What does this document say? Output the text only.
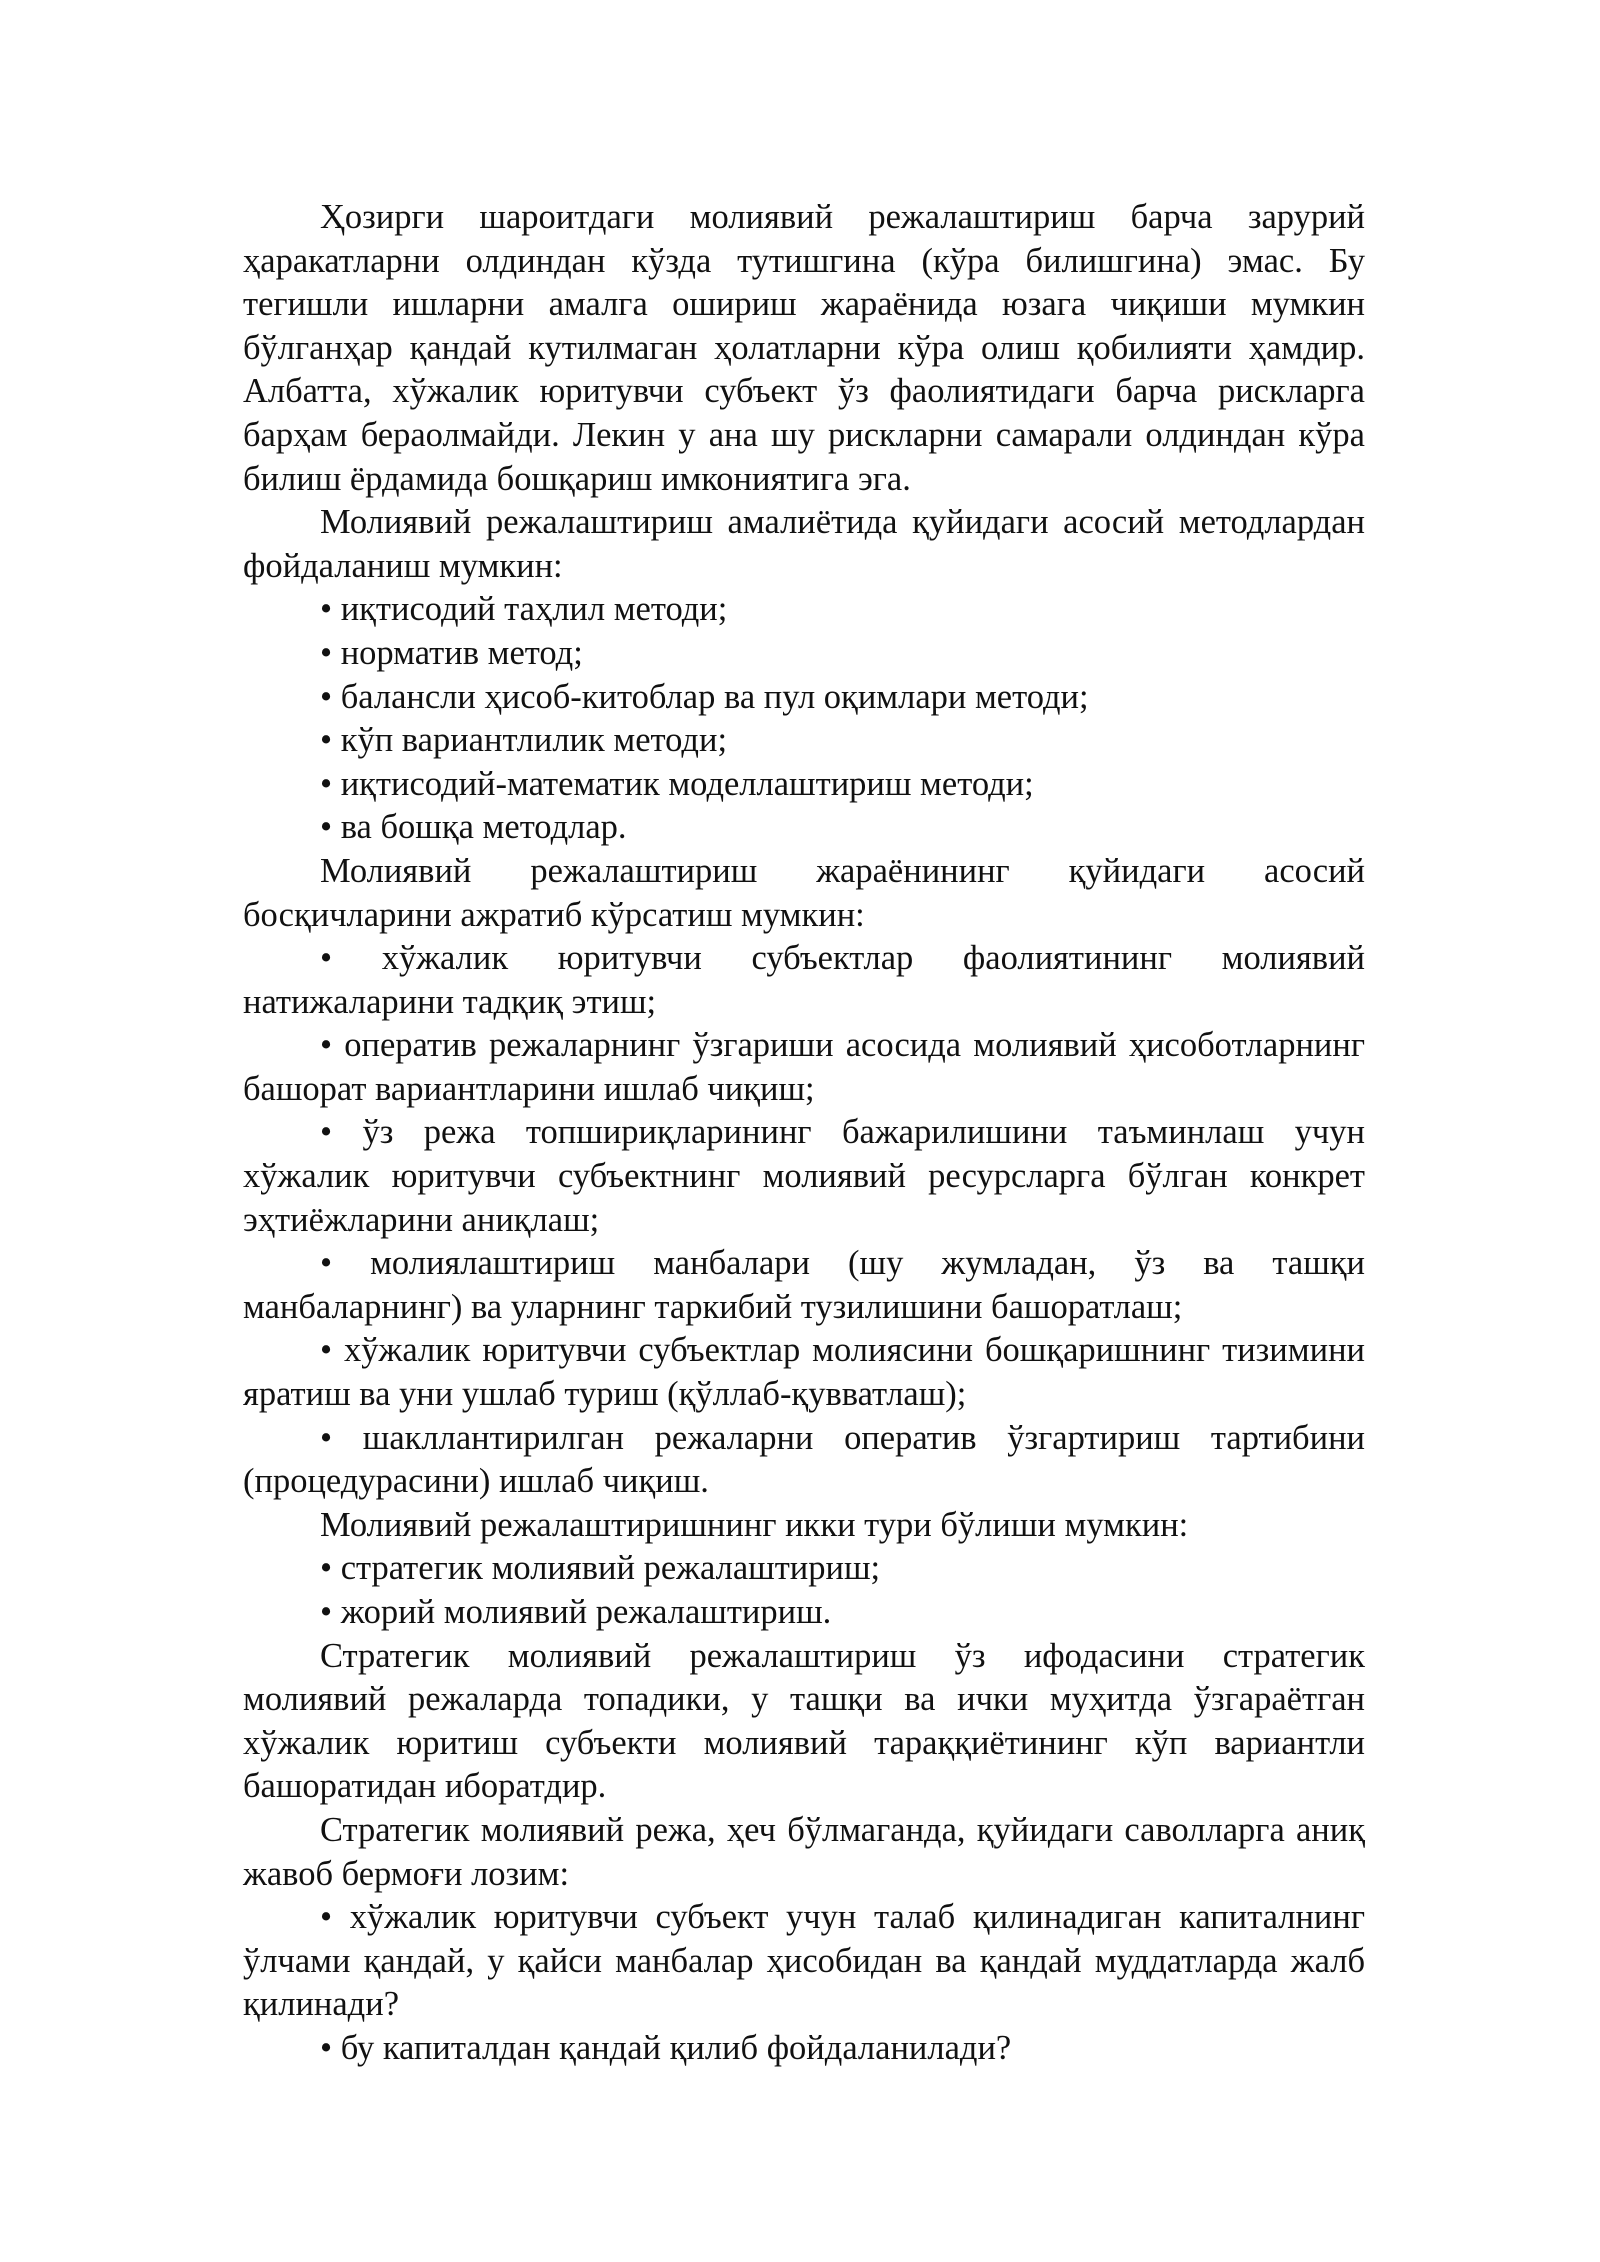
Ҳозирги шароитдаги молиявий режалаштириш барча зарурий ҳаракатларни олдиндан кўзда тутишгина (кўра билишгина) эмас. Бу тегишли ишларни амалга ошириш жараёнида юзага чиқиши мумкин бўлганҳар қандай кутилмаган ҳолатларни кўра олиш қобилияти ҳамдир. Албатта, хўжалик юритувчи субъект ўз фаолиятидаги барча рискларга барҳам бераолмайди. Лекин у ана шу рискларни самарали олдиндан кўра билиш ёрдамида бошқариш имкониятига эга.

Молиявий режалаштириш амалиётида қуйидаги асосий методлардан фойдаланиш мумкин:

• иқтисодий таҳлил методи;

• норматив метод;

• балансли ҳисоб-китоблар ва пул оқимлари методи;

• кўп вариантлилик методи;

• иқтисодий-математик моделлаштириш методи;

• ва бошқа методлар.

Молиявий режалаштириш жараёнининг қуйидаги асосий босқичларини ажратиб кўрсатиш мумкин:

• хўжалик юритувчи субъектлар фаолиятининг молиявий натижаларини тадқиқ этиш;

• оператив режаларнинг ўзгариши асосида молиявий ҳисоботларнинг башорат вариантларини ишлаб чиқиш;

• ўз режа топшириқларининг бажарилишини таъминлаш учун хўжалик юритувчи субъектнинг молиявий ресурсларга бўлган конкрет эҳтиёжларини аниқлаш;

• молиялаштириш манбалари (шу жумладан, ўз ва ташқи манбаларнинг) ва уларнинг таркибий тузилишини башоратлаш;

• хўжалик юритувчи субъектлар молиясини бошқаришнинг тизимини яратиш ва уни ушлаб туриш (қўллаб-қувватлаш);

• шакллантирилган режаларни оператив ўзгартириш тартибини (процедурасини) ишлаб чиқиш.

Молиявий режалаштиришнинг икки тури бўлиши мумкин:

• стратегик молиявий режалаштириш;

• жорий молиявий режалаштириш.

Стратегик молиявий режалаштириш ўз ифодасини стратегик молиявий режаларда топадики, у ташқи ва ички муҳитда ўзгараётган хўжалик юритиш субъекти молиявий тараққиётининг кўп вариантли башоратидан иборатдир.

Стратегик молиявий режа, ҳеч бўлмаганда, қуйидаги саволларга аниқ жавоб бермоғи лозим:

• хўжалик юритувчи субъект учун талаб қилинадиган капиталнинг ўлчами қандай, у қайси манбалар ҳисобидан ва қандай муддатларда жалб қилинади?

• бу капиталдан қандай қилиб фойдаланилади?
